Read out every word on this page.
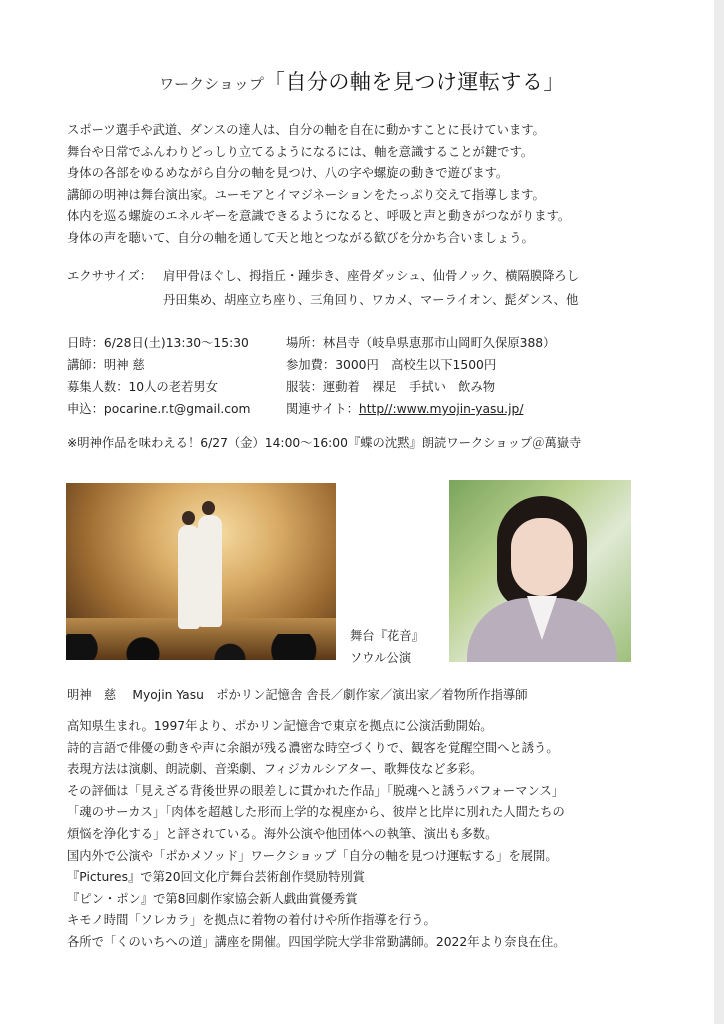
ワークショップ「自分の軸を見つけ運転する」
スポーツ選手や武道、ダンスの達人は、自分の軸を自在に動かすことに長けています。
舞台や日常でふんわりどっしり立てるようになるには、軸を意識することが鍵です。
身体の各部をゆるめながら自分の軸を見つけ、八の字や螺旋の動きで遊びます。
講師の明神は舞台演出家。ユーモアとイマジネーションをたっぷり交えて指導します。
体内を巡る螺旋のエネルギーを意識できるようになると、呼吸と声と動きがつながります。
身体の声を聴いて、自分の軸を通して天と地とつながる歓びを分かち合いましょう。
エクササイズ： 肩甲骨ほぐし、拇指丘・踵歩き、座骨ダッシュ、仙骨ノック、横隔膜降ろし
丹田集め、胡座立ち座り、三角回り、ワカメ、マーライオン、髭ダンス、他
日時：6/28日(土)13:30〜15:30
講師：明神 慈
募集人数：10人の老若男女
申込：pocarine.r.t@gmail.com
場所：林昌寺（岐阜県恵那市山岡町久保原388）
参加費：3000円　高校生以下1500円
服装：運動着　裸足　手拭い　飲み物
関連サイト：http//:www.myojin-yasu.jp/
※明神作品を味わえる！6/27（金）14:00〜16:00『蝶の沈黙』朗読ワークショップ＠萬嶽寺
舞台『花音』
ソウル公演
明神　慈　 Myojin Yasu　ポかリン記憶舎 舎長／劇作家／演出家／着物所作指導師
高知県生まれ。1997年より、ポかリン記憶舎で東京を拠点に公演活動開始。
詩的言語で俳優の動きや声に余韻が残る濃密な時空づくりで、観客を覚醒空間へと誘う。
表現方法は演劇、朗読劇、音楽劇、フィジカルシアター、歌舞伎など多彩。
その評価は「見えざる背後世界の眼差しに貫かれた作品」「脱魂へと誘うパフォーマンス」
「魂のサーカス」「肉体を超越した形而上学的な視座から、彼岸と比岸に別れた人間たちの
煩悩を浄化する」と評されている。海外公演や他団体への執筆、演出も多数。
国内外で公演や「ポかメソッド」ワークショップ「自分の軸を見つけ運転する」を展開。
『Pictures』で第20回文化庁舞台芸術創作奨励特別賞
『ピン・ポン』で第8回劇作家協会新人戯曲賞優秀賞
キモノ時間「ソレカラ」を拠点に着物の着付けや所作指導を行う。
各所で「くのいちへの道」講座を開催。四国学院大学非常勤講師。2022年より奈良在住。
